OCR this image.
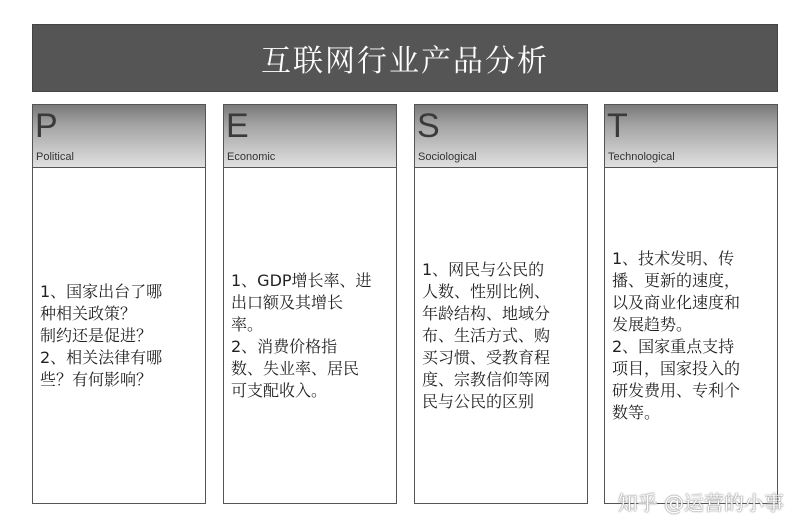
互联网行业产品分析
P
Political
1、国家出台了哪
种相关政策？
制约还是促进？
2、相关法律有哪
些？有何影响？
E
Economic
1、GDP增长率、进
出口额及其增长
率。
2、消费价格指
数、失业率、居民
可支配收入。
S
Sociological
1、网民与公民的
人数、性别比例、
年龄结构、地域分
布、生活方式、购
买习惯、受教育程
度、宗教信仰等网
民与公民的区别
T
Technological
1、技术发明、传
播、更新的速度，
以及商业化速度和
发展趋势。
2、国家重点支持
项目，国家投入的
研发费用、专利个
数等。
知乎 @运营的小事
